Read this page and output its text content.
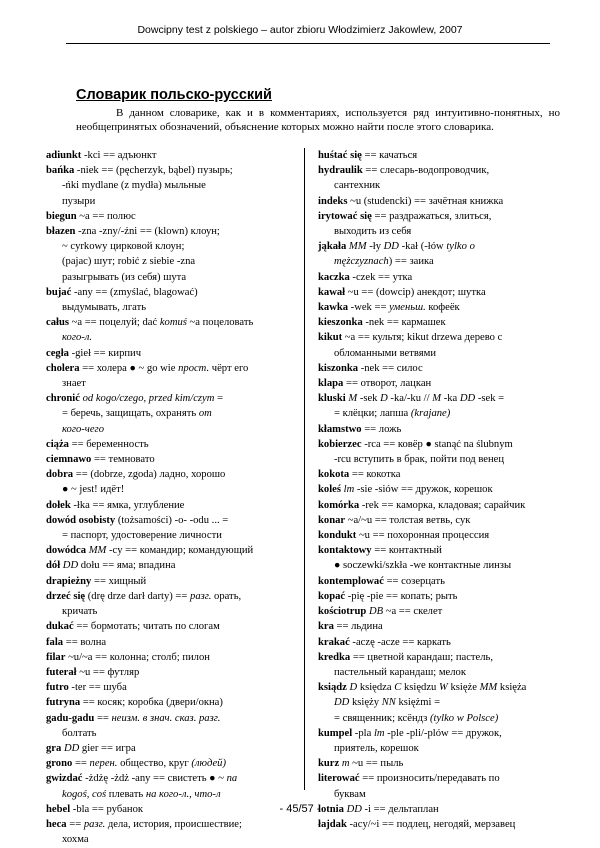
Dowcipny test z polskiego – autor zbioru Włodzimierz Jakowlew, 2007
Словарик польско-русский
В данном словарике, как и в комментариях, используется ряд интуитивно-понятных, но необщепринятых обозначений, объяснение которых можно найти после этого словарика.
adiunkt -kci == адъюнкт
bańka -niek == (pęcherzyk, bąbel) пузырь;
-ńki mydlane (z mydła) мыльные
пузыри
biegun ~a == полюс
błazen -zna -zny/-źni == (klown) клоун;
~ cyrkowy цирковой клоун;
(pajac) шут; robić z siebie -zna
разыгрывать (из себя) шута
bujać -any == (zmyślać, blagować)
выдумывать, лгать
całus ~a == поцелуй; dać komuś ~a поцеловать
кого-л.
cegła -gieł == кирпич
cholera == холера ● ~ go wie прост. чёрт его
знает
chronić od kogo/czego, przed kim/czym =
= беречь, защищать, охранять от
кого-чего
ciąża == беременность
ciemnawo == темновато
dobra == (dobrze, zgoda) ладно, хорошо
● ~ jest! идёт!
dołek -łka == ямка, углубление
dowód osobisty (tożsamości) -o- -odu ... =
= паспорт, удостоверение личности
dowódca MM -cy == командир; командующий
dół DD dołu == яма; впадина
drapieżny == хищный
drzeć się (drę drze darł darty) == разг. орать,
кричать
dukać == бормотать; читать по слогам
fala == волна
filar ~u/~a == колонна; столб; пилон
futerał ~u == футляр
futro -ter == шуба
futryna == косяк; коробка (двери/окна)
gadu-gadu == неизм. в знач. сказ. разг.
болтать
gra DD gier == игра
grono == перен. общество, круг (людей)
gwizdać -żdżę -żdż -any == свистеть ● ~ na
kogoś, coś плевать на кого-л., что-л
hebel -bla == рубанок
heca == разг. дела, история, происшествие;
хохма
huśtać się == качаться
hydraulik == слесарь-водопроводчик,
сантехник
indeks ~u (studencki) == зачётная книжка
irytować się == раздражаться, злиться,
выходить из себя
jąkała MM -ły DD -kał (-łów tylko o
mężczyznach) == заика
kaczka -czek == утка
kawał ~u == (dowcip) анекдот; шутка
kawka -wek == уменьш. кофеёк
kieszonka -nek == кармашек
kikut ~a == культя; kikut drzewa дерево с
обломанными ветвями
kiszonka -nek == силос
klapa == отворот, лацкан
kluski M -sek D -ka/-ku // M -ka DD -sek =
= клёцки; лапша (krajane)
kłamstwo == ложь
kobierzec -rca == ковёр ● stanąć na ślubnym
-rcu вступить в брак, пойти под венец
kokota == кокотка
koleś lm -sie -siów == дружок, корешок
komórka -rek == каморка, кладовая; сарайчик
konar ~a/~u == толстая ветвь, сук
kondukt ~u == похоронная процессия
kontaktowy == контактный
● soczewki/szkła -we контактные линзы
kontemplować == созерцать
kopać -pię -pie == копать; рыть
kościotrup DB ~a == скелет
kra == льдина
krakać -aczę -acze == каркать
kredka == цветной карандаш; пастель,
пастельный карандаш; мелок
ksiądz D księdza C księdzu W księże MM księża
DD księży NN księżmi =
= священник; ксёндз (tylko w Polsce)
kumpel -pla lm -ple -pli/-plów == дружок,
приятель, корешок
kurz m ~u == пыль
literować == произносить/передавать по
буквам
lotnia DD -i == дельтаплан
łajdak -acy/~i == подлец, негодяй, мерзавец
- 45/57 -
